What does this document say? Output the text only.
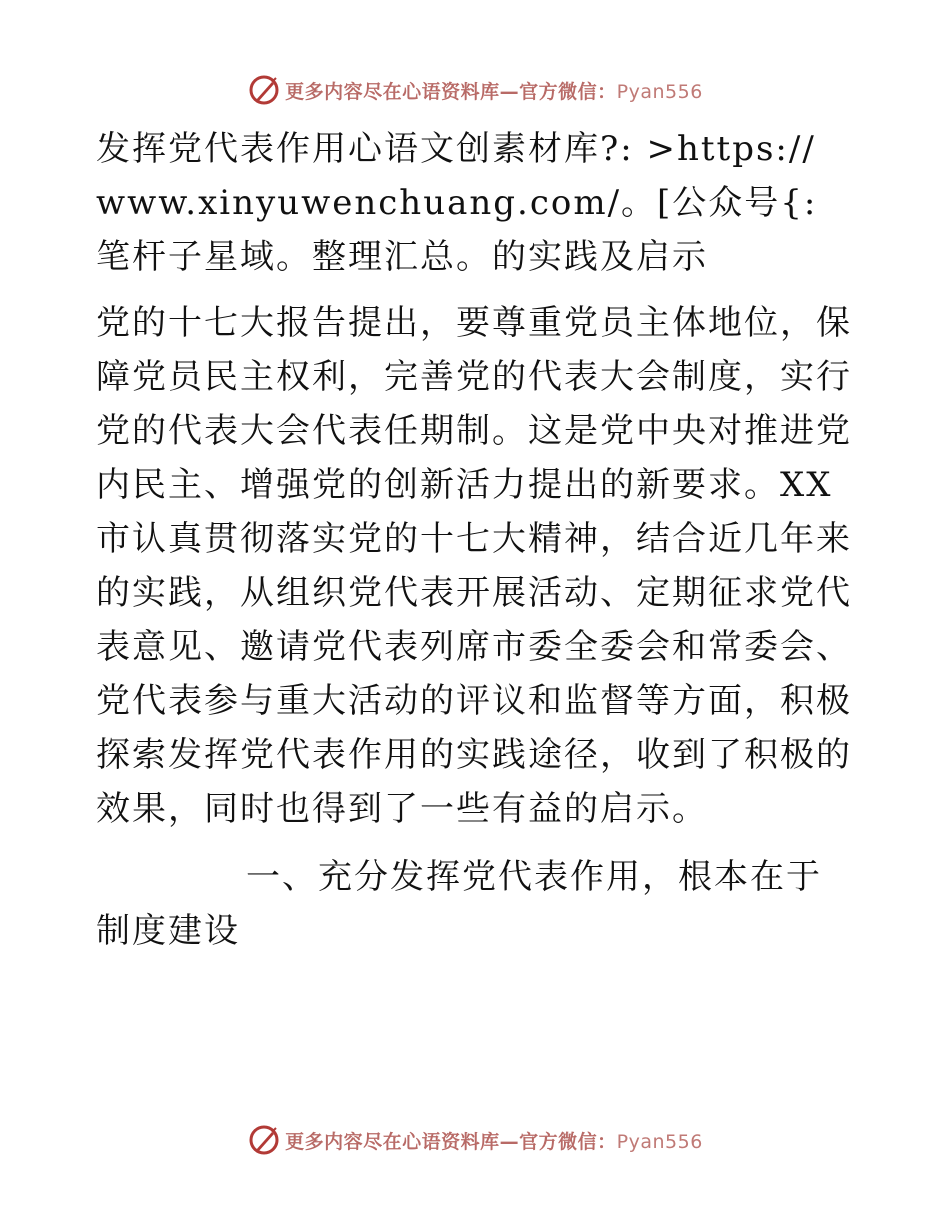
更多内容尽在心语资料库—官方微信：Pyan556

发挥党代表作用心语文创素材库?: >https:// www.xinyuwenchuang.com/。[公众号{: 笔杆子星域。整理汇总。的实践及启示

党的十七大报告提出，要尊重党员主体地位，保障党员民主权利，完善党的代表大会制度，实行党的代表大会代表任期制。这是党中央对推进党内民主、增强党的创新活力提出的新要求。XX市认真贯彻落实党的十七大精神，结合近几年来的实践，从组织党代表开展活动、定期征求党代表意见、邀请党代表列席市委全委会和常委会、党代表参与重大活动的评议和监督等方面，积极探索发挥党代表作用的实践途径，收到了积极的效果，同时也得到了一些有益的启示。

一、充分发挥党代表作用，根本在于制度建设

更多内容尽在心语资料库—官方微信：Pyan556
